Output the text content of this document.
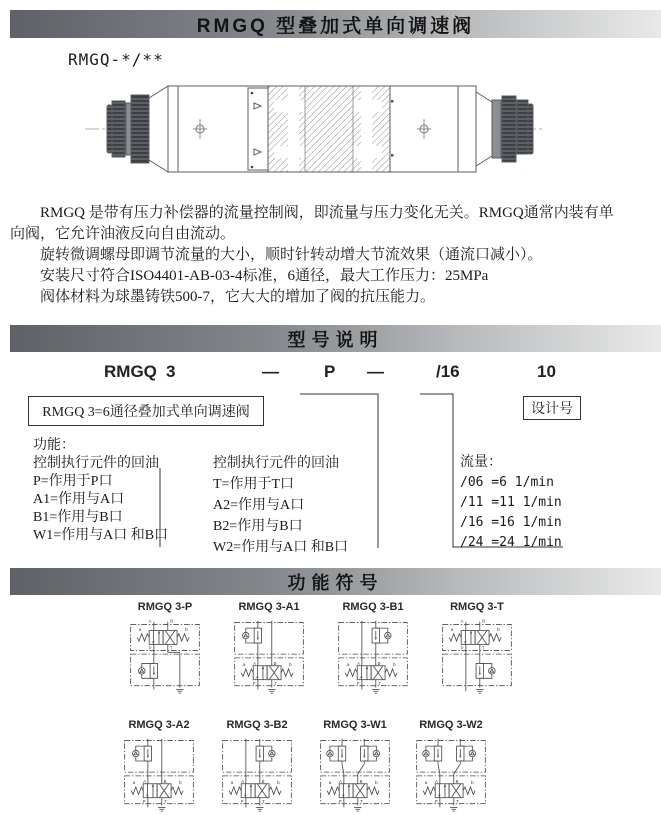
RMGQ 型叠加式单向调速阀
RMGQ-*/**
RMGQ 是带有压力补偿器的流量控制阀，即流量与压力变化无关。RMGQ通常内装有单
向阀，它允许油液反向自由流动。
旋转微调螺母即调节流量的大小，顺时针转动增大节流效果（通流口减小）。
安装尺寸符合ISO4401-AB-03-4标准，6通径，最大工作压力：25MPa
阀体材料为球墨铸铁500-7，它大大的增加了阀的抗压能力。
型号说明
RMGQ 3	—	P —	/16	10
RMGQ 3=6通径叠加式单向调速阀	设计号
功能：
控制执行元件的回油
P=作用于P口
A1=作用与A口
B1=作用与B口
W1=作用与A口 和B口
控制执行元件的回油
T=作用于T口
A2=作用与A口
B2=作用与B口
W2=作用与A口 和B口
流量：
/06 =6 1/min
/11 =11 1/min
/16 =16 1/min
/24 =24 1/min
功能符号
RMGQ 3-P
a	b
A	B
P	T
RMGQ 3-A1
a	b
A	B
P	T
RMGQ 3-B1
a	b
A	B
P	T
RMGQ 3-T
a	b
A	B
P	T
RMGQ 3-A2
a	b
A	B
P	T
RMGQ 3-B2
a	b
A	B
P	T
RMGQ 3-W1
a	b
A	B
P	T
RMGQ 3-W2
a	b
A	B
P	T
